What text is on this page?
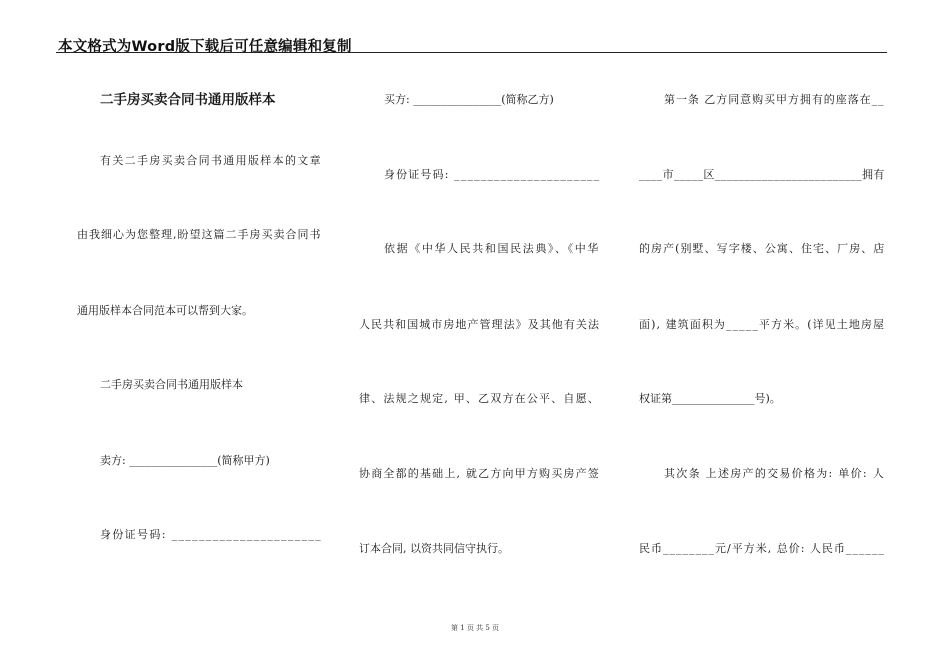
本文格式为Word版下载后可任意编辑和复制
二手房买卖合同书通用版样本
有关二手房买卖合同书通用版样本的文章
由我细心为您整理,盼望这篇二手房买卖合同书
通用版样本合同范本可以帮到大家。
二手房买卖合同书通用版样本
卖方: ________________(简称甲方)
身份证号码: ______________________
买方: ________________(简称乙方)
身份证号码: ______________________
依据《中华人民共和国民法典》、《中华
人民共和国城市房地产管理法》及其他有关法
律、法规之规定, 甲、乙双方在公平、自愿、
协商全都的基础上, 就乙方向甲方购买房产签
订本合同, 以资共同信守执行。
第一条 乙方同意购买甲方拥有的座落在__
____市_____区_________________________拥有
的房产(别墅、写字楼、公寓、住宅、厂房、店
面), 建筑面积为_____平方米。(详见土地房屋
权证第_______________号)。
其次条 上述房产的交易价格为: 单价: 人
民币________元/平方米, 总价: 人民币______
第 1 页 共 5 页
